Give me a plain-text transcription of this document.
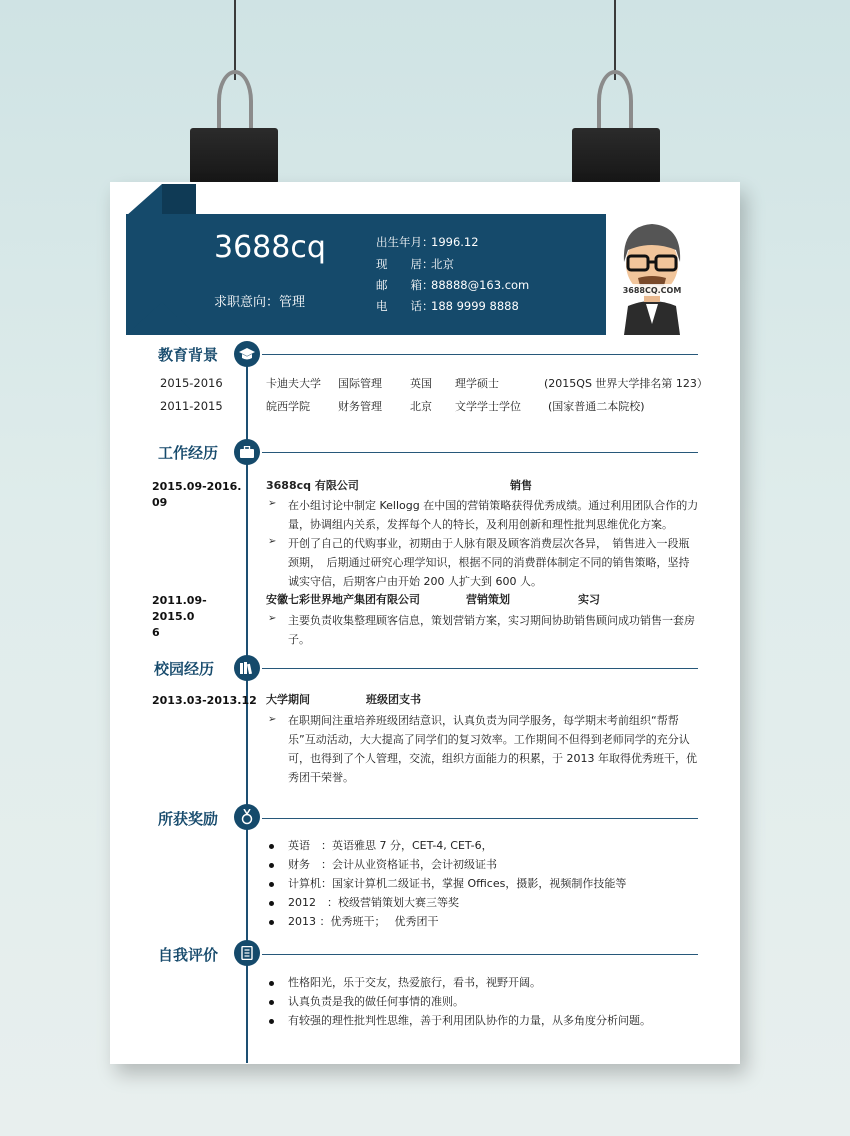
3688cq
求职意向：管理
出生年月：1996.12
现　　居：北京
邮　　箱：88888@163.com
电　　话：188 9999 8888
3688CQ.COM
教育背景
2015-2016	卡迪夫大学 国际管理	英国 理学硕士	(2015QS 世界大学排名第 123）
2011-2015	皖西学院	财务管理	北京 文学学士学位 (国家普通二本院校)
工作经历
2015.09-2016.
09
3688cq 有限公司	销售
➢ 在小组讨论中制定 Kellogg 在中国的营销策略获得优秀成绩。通过利用团队合作的力量，协调组内关系，发挥每个人的特长，及利用创新和理性批判思维优化方案。
➢ 开创了自己的代购事业，初期由于人脉有限及顾客消费层次各异，　销售进入一段瓶颈期，　后期通过研究心理学知识，根据不同的消费群体制定不同的销售策略，坚持诚实守信，后期客户由开始 200 人扩大到 600 人。
2011.09-2015.0
6
安徽七彩世界地产集团有限公司	营销策划	实习
➢ 主要负责收集整理顾客信息，策划营销方案，实习期间协助销售顾问成功销售一套房子。
校园经历
2013.03-2013.12 大学期间	班级团支书
➢ 在职期间注重培养班级团结意识，认真负责为同学服务，每学期末考前组织“帮帮乐”互动活动，大大提高了同学们的复习效率。工作期间不但得到老师同学的充分认可，也得到了个人管理，交流，组织方面能力的积累，于 2013 年取得优秀班干，优秀团干荣誉。
所获奖励
英语　：英语雅思 7 分，CET-4, CET-6，
财务　：会计从业资格证书，会计初级证书
计算机：国家计算机二级证书，掌握 Offices，摄影，视频制作技能等
2012　：校级营销策划大赛三等奖
2013 ：优秀班干；　 优秀团干
自我评价
性格阳光，乐于交友，热爱旅行，看书，视野开阔。
认真负责是我的做任何事情的准则。
有较强的理性批判性思维，善于利用团队协作的力量，从多角度分析问题。
